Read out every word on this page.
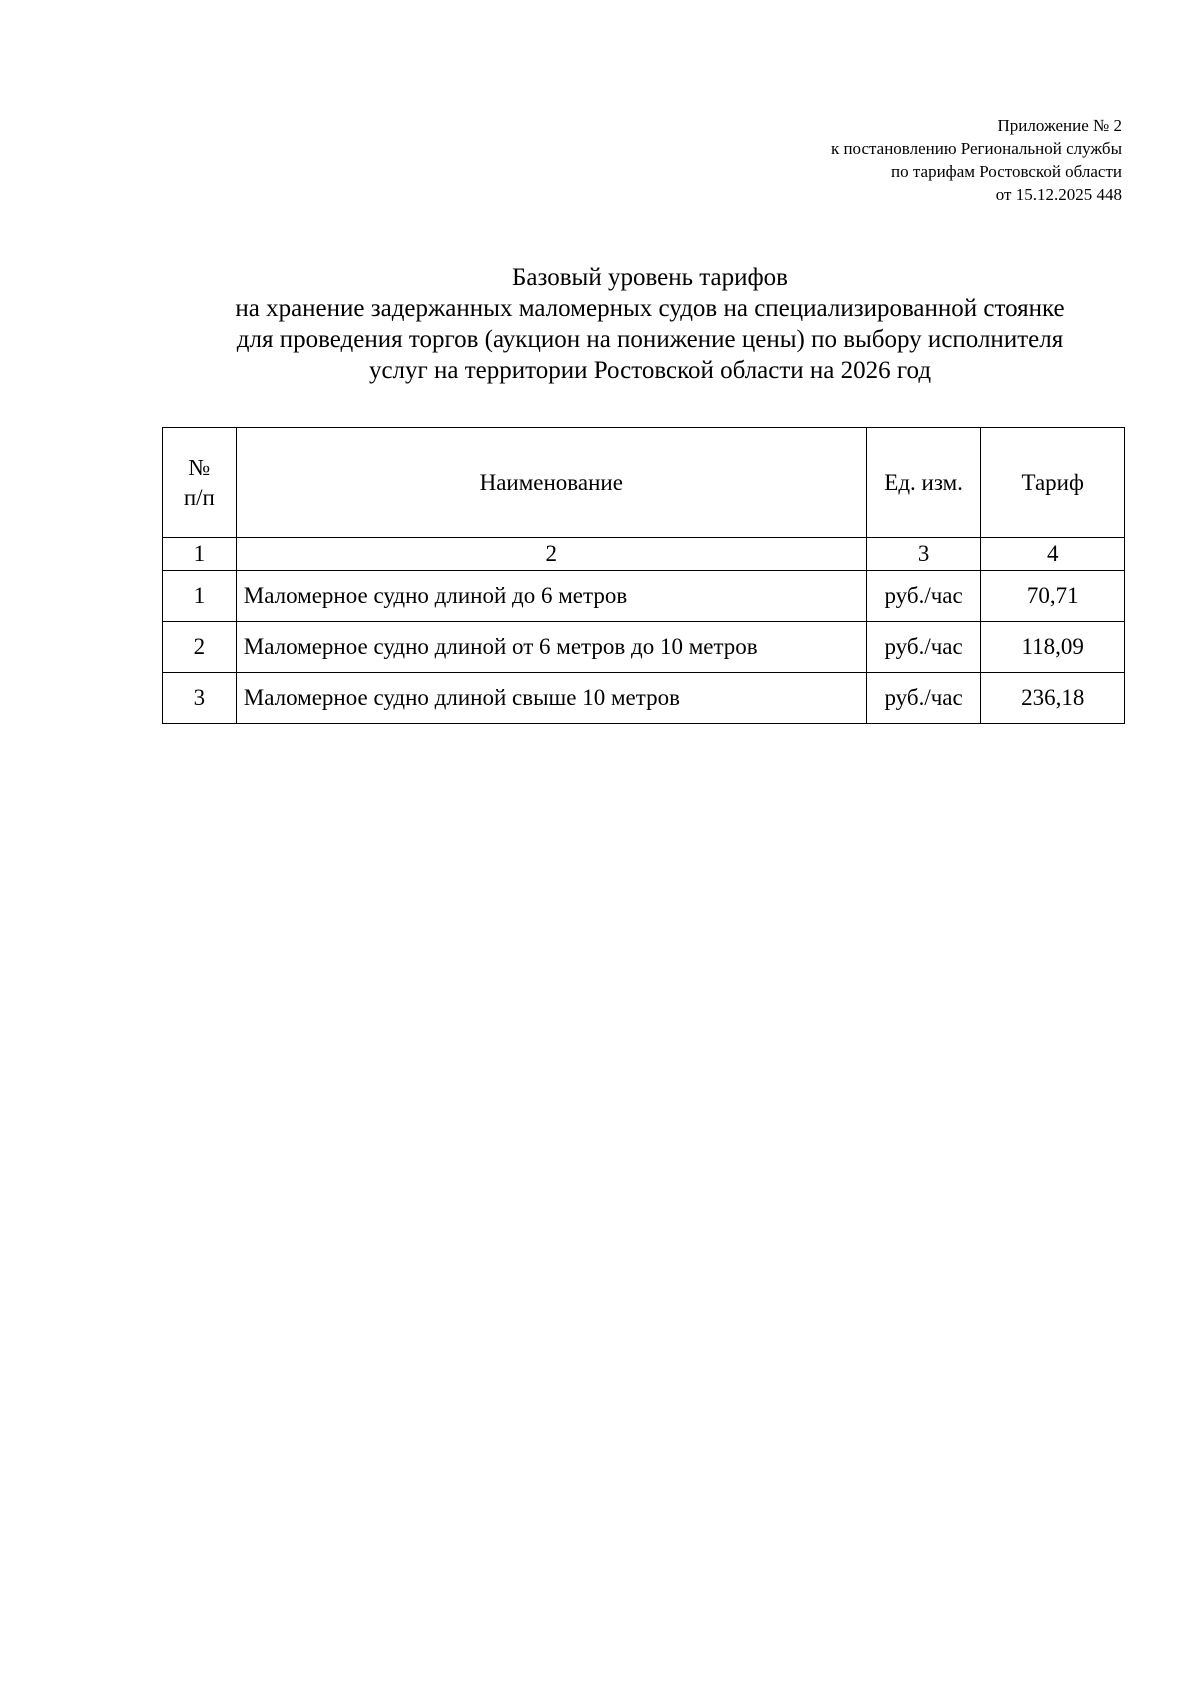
Приложение № 2
к постановлению Региональной службы
по тарифам Ростовской области
от 15.12.2025 448
Базовый уровень тарифов
на хранение задержанных маломерных судов на специализированной стоянке
для проведения торгов (аукцион на понижение цены) по выбору исполнителя
услуг на территории Ростовской области на 2026 год
№
п/п	Наименование	Ед. изм.	Тариф
1	2	3	4
1	Маломерное судно длиной до 6 метров	руб./час	70,71
2	Маломерное судно длиной от 6 метров до 10 метров	руб./час	118,09
3	Маломерное судно длиной свыше 10 метров	руб./час	236,18
